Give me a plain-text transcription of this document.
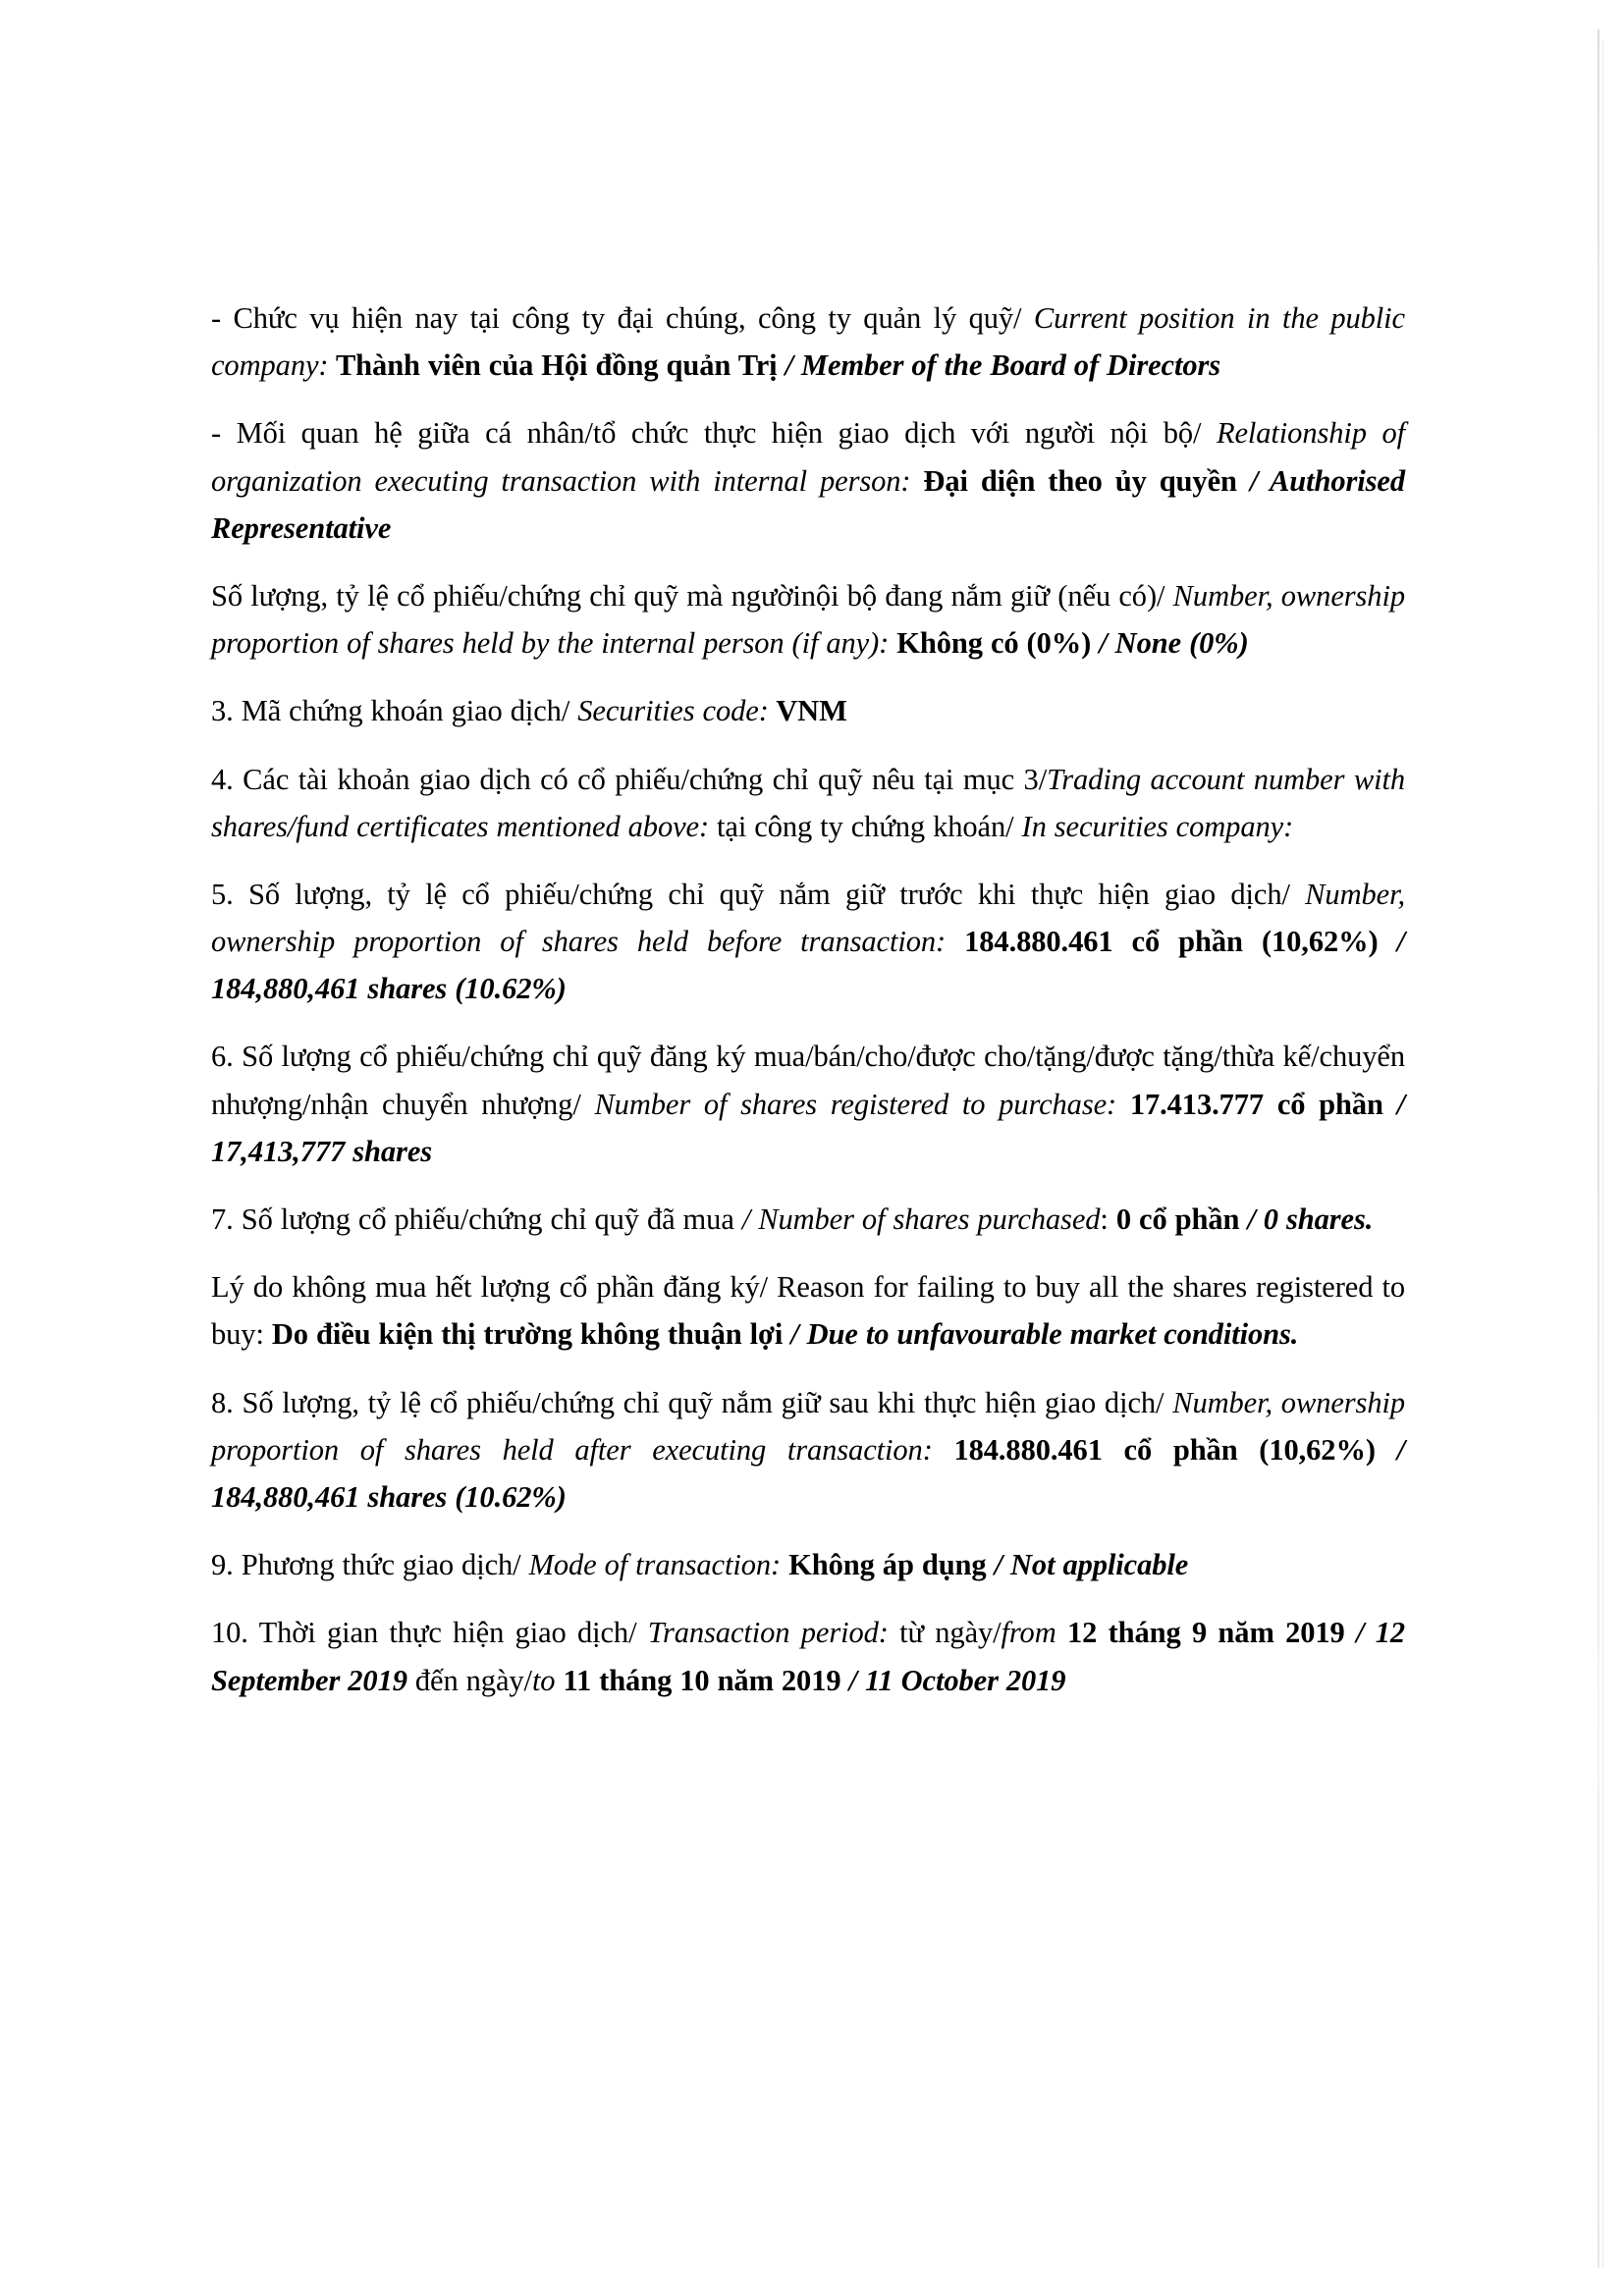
- Chức vụ hiện nay tại công ty đại chúng, công ty quản lý quỹ/ Current position in the public company: Thành viên của Hội đồng quản Trị / Member of the Board of Directors

- Mối quan hệ giữa cá nhân/tổ chức thực hiện giao dịch với người nội bộ/ Relationship of organization executing transaction with internal person: Đại diện theo ủy quyền / Authorised Representative

Số lượng, tỷ lệ cổ phiếu/chứng chỉ quỹ mà ngườinội bộ đang nắm giữ (nếu có)/ Number, ownership proportion of shares held by the internal person (if any): Không có (0%) / None (0%)

3. Mã chứng khoán giao dịch/ Securities code: VNM

4. Các tài khoản giao dịch có cổ phiếu/chứng chỉ quỹ nêu tại mục 3/Trading account number with shares/fund certificates mentioned above: tại công ty chứng khoán/ In securities company:

5. Số lượng, tỷ lệ cổ phiếu/chứng chỉ quỹ nắm giữ trước khi thực hiện giao dịch/ Number, ownership proportion of shares held before transaction: 184.880.461 cổ phần (10,62%) / 184,880,461 shares (10.62%)

6. Số lượng cổ phiếu/chứng chỉ quỹ đăng ký mua/bán/cho/được cho/tặng/được tặng/thừa kế/chuyển nhượng/nhận chuyển nhượng/ Number of shares registered to purchase: 17.413.777 cổ phần / 17,413,777 shares

7. Số lượng cổ phiếu/chứng chỉ quỹ đã mua / Number of shares purchased: 0 cổ phần / 0 shares.

Lý do không mua hết lượng cổ phần đăng ký/ Reason for failing to buy all the shares registered to buy: Do điều kiện thị trường không thuận lợi / Due to unfavourable market conditions.

8. Số lượng, tỷ lệ cổ phiếu/chứng chỉ quỹ nắm giữ sau khi thực hiện giao dịch/ Number, ownership proportion of shares held after executing transaction: 184.880.461 cổ phần (10,62%) / 184,880,461 shares (10.62%)

9. Phương thức giao dịch/ Mode of transaction: Không áp dụng / Not applicable

10. Thời gian thực hiện giao dịch/ Transaction period: từ ngày/from 12 tháng 9 năm 2019 / 12 September 2019 đến ngày/to 11 tháng 10 năm 2019 / 11 October 2019
